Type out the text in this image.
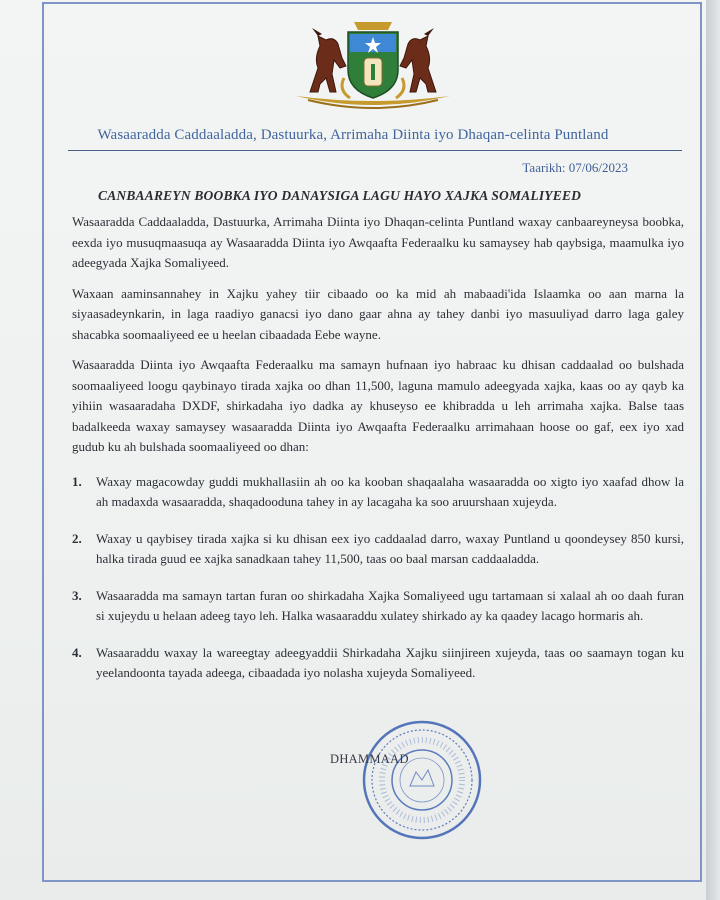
Wasaaradda Caddaaladda, Dastuurka, Arrimaha Diinta iyo Dhaqan-celinta Puntland
Taarikh: 07/06/2023
CANBAAREYN BOOBKA IYO DANAYSIGA LAGU HAYO XAJKA SOMALIYEED

Wasaaradda Caddaaladda, Dastuurka, Arrimaha Diinta iyo Dhaqan-celinta Puntland waxay canbaareyneysa boobka, eexda iyo musuqmaasuqa ay Wasaaradda Diinta iyo Awqaafta Federaalku ku samaysey hab qaybsiga, maamulka iyo adeegyada Xajka Somaliyeed.

Waxaan aaminsannahey in Xajku yahey tiir cibaado oo ka mid ah mabaadi'ida Islaamka oo aan marna la siyaasadeynkarin, in laga raadiyo ganacsi iyo dano gaar ahna ay tahey danbi iyo masuuliyad darro laga galey shacabka soomaaliyeed ee u heelan cibaadada Eebe wayne.

Wasaaradda Diinta iyo Awqaafta Federaalku ma samayn hufnaan iyo habraac ku dhisan caddaalad oo bulshada soomaaliyeed loogu qaybinayo tirada xajka oo dhan 11,500, laguna mamulo adeegyada xajka, kaas oo ay qayb ka yihiin wasaaradaha DXDF, shirkadaha iyo dadka ay khuseyso ee khibradda u leh arrimaha xajka. Balse taas badalkeeda waxay samaysey wasaaradda Diinta iyo Awqaafta Federaalku arrimahaan hoose oo gaf, eex iyo xad gudub ku ah bulshada soomaaliyeed oo dhan:

1.	Waxay magacowday guddi mukhallasiin ah oo ka kooban shaqaalaha wasaaradda oo xigto iyo xaafad dhow la ah madaxda wasaaradda, shaqadooduna tahey in ay lacagaha ka soo aruurshaan xujeyda.
2.	Waxay u qaybisey tirada xajka si ku dhisan eex iyo caddaalad darro, waxay Puntland u qoondeysey 850 kursi, halka tirada guud ee xajka sanadkaan tahey 11,500, taas oo baal marsan caddaaladda.
3.	Wasaaradda ma samayn tartan furan oo shirkadaha Xajka Somaliyeed ugu tartamaan si xalaal ah oo daah furan si xujeydu u helaan adeeg tayo leh. Halka wasaaraddu xulatey shirkado ay ka qaadey lacago hormaris ah.
4.	Wasaaraddu waxay la wareegtay adeegyaddii Shirkadaha Xajku siinjireen xujeyda, taas oo saamayn togan ku yeelandoonta tayada adeega, cibaadada iyo nolasha xujeyda Somaliyeed.
DHAMMAAD
